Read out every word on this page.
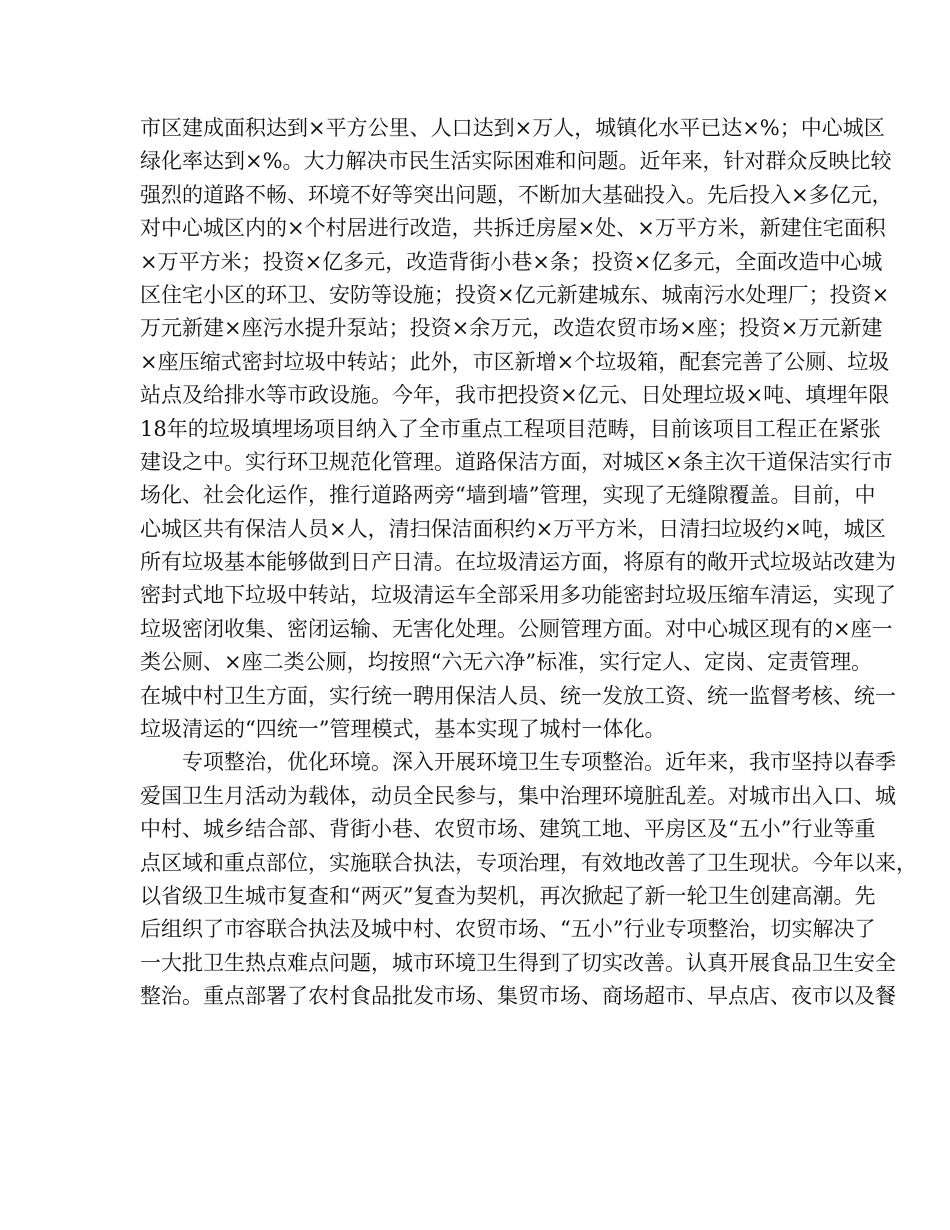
市区建成面积达到×平方公里、人口达到×万人，城镇化水平已达×%；中心城区
绿化率达到×%。大力解决市民生活实际困难和问题。近年来，针对群众反映比较
强烈的道路不畅、环境不好等突出问题，不断加大基础投入。先后投入×多亿元，
对中心城区内的×个村居进行改造，共拆迁房屋×处、×万平方米，新建住宅面积
×万平方米；投资×亿多元，改造背街小巷×条；投资×亿多元，全面改造中心城
区住宅小区的环卫、安防等设施；投资×亿元新建城东、城南污水处理厂；投资×
万元新建×座污水提升泵站；投资×余万元，改造农贸市场×座；投资×万元新建
×座压缩式密封垃圾中转站；此外，市区新增×个垃圾箱，配套完善了公厕、垃圾
站点及给排水等市政设施。今年，我市把投资×亿元、日处理垃圾×吨、填埋年限
18年的垃圾填埋场项目纳入了全市重点工程项目范畴，目前该项目工程正在紧张
建设之中。实行环卫规范化管理。道路保洁方面，对城区×条主次干道保洁实行市
场化、社会化运作，推行道路两旁“墙到墙”管理，实现了无缝隙覆盖。目前，中
心城区共有保洁人员×人，清扫保洁面积约×万平方米，日清扫垃圾约×吨，城区
所有垃圾基本能够做到日产日清。在垃圾清运方面，将原有的敞开式垃圾站改建为
密封式地下垃圾中转站，垃圾清运车全部采用多功能密封垃圾压缩车清运，实现了
垃圾密闭收集、密闭运输、无害化处理。公厕管理方面。对中心城区现有的×座一
类公厕、×座二类公厕，均按照“六无六净”标准，实行定人、定岗、定责管理。
在城中村卫生方面，实行统一聘用保洁人员、统一发放工资、统一监督考核、统一
垃圾清运的“四统一”管理模式，基本实现了城村一体化。
专项整治，优化环境。深入开展环境卫生专项整治。近年来，我市坚持以春季
爱国卫生月活动为载体，动员全民参与，集中治理环境脏乱差。对城市出入口、城
中村、城乡结合部、背街小巷、农贸市场、建筑工地、平房区及“五小”行业等重
点区域和重点部位，实施联合执法，专项治理，有效地改善了卫生现状。今年以来，
以省级卫生城市复查和“两灭”复查为契机，再次掀起了新一轮卫生创建高潮。先
后组织了市容联合执法及城中村、农贸市场、“五小”行业专项整治，切实解决了
一大批卫生热点难点问题，城市环境卫生得到了切实改善。认真开展食品卫生安全
整治。重点部署了农村食品批发市场、集贸市场、商场超市、早点店、夜市以及餐
